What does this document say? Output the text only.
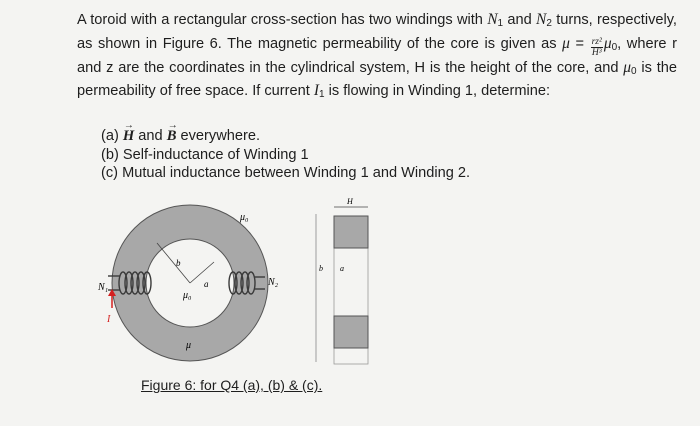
A toroid with a rectangular cross-section has two windings with $N_1$ and $N_2$ turns, respectively, as shown in Figure 6. The magnetic permeability of the core is given as $\mu = \frac{\text{rz²}}{\text{H³}} \mu_0$, where r and z are the coordinates in the cylindrical system, H is the height of the core, and $\mu_0$ is the permeability of free space. If current $I_1$ is flowing in Winding 1, determine:
(a) → H and → B everywhere.
(b) Self-inductance of Winding 1
(c) Mutual inductance between Winding 1 and Winding 2.
μ₀
μ₀
μ
b
a
N₁	N₂
I
H
b a
Figure 6: for Q4 (a), (b) & (c).
